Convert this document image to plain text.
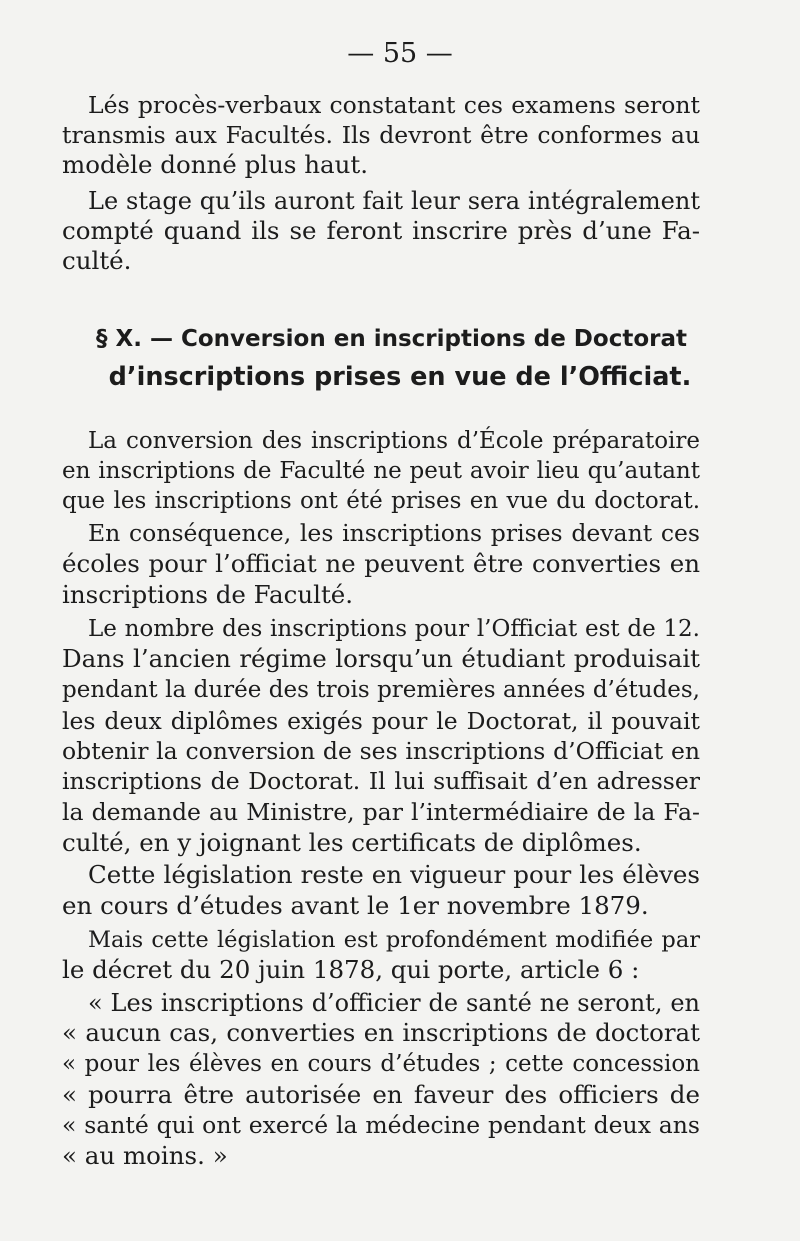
— 55 —
Lés procès-verbaux constatant ces examens seront
transmis aux Facultés. Ils devront être conformes au
modèle donné plus haut.
Le stage qu’ils auront fait leur sera intégralement
compté quand ils se feront inscrire près d’une Fa-
culté.
§ X. — Conversion en inscriptions de Doctorat
d’inscriptions prises en vue de l’Officiat.
La conversion des inscriptions d’École préparatoire
en inscriptions de Faculté ne peut avoir lieu qu’autant
que les inscriptions ont été prises en vue du doctorat.
En conséquence, les inscriptions prises devant ces
écoles pour l’officiat ne peuvent être converties en
inscriptions de Faculté.
Le nombre des inscriptions pour l’Officiat est de 12.
Dans l’ancien régime lorsqu’un étudiant produisait
pendant la durée des trois premières années d’études,
les deux diplômes exigés pour le Doctorat, il pouvait
obtenir la conversion de ses inscriptions d’Officiat en
inscriptions de Doctorat. Il lui suffisait d’en adresser
la demande au Ministre, par l’intermédiaire de la Fa-
culté, en y joignant les certificats de diplômes.
Cette législation reste en vigueur pour les élèves
en cours d’études avant le 1er novembre 1879.
Mais cette législation est profondément modifiée par
le décret du 20 juin 1878, qui porte, article 6 :
« Les inscriptions d’officier de santé ne seront, en
« aucun cas, converties en inscriptions de doctorat
« pour les élèves en cours d’études ; cette concession
« pourra être autorisée en faveur des officiers de
« santé qui ont exercé la médecine pendant deux ans
« au moins. »
